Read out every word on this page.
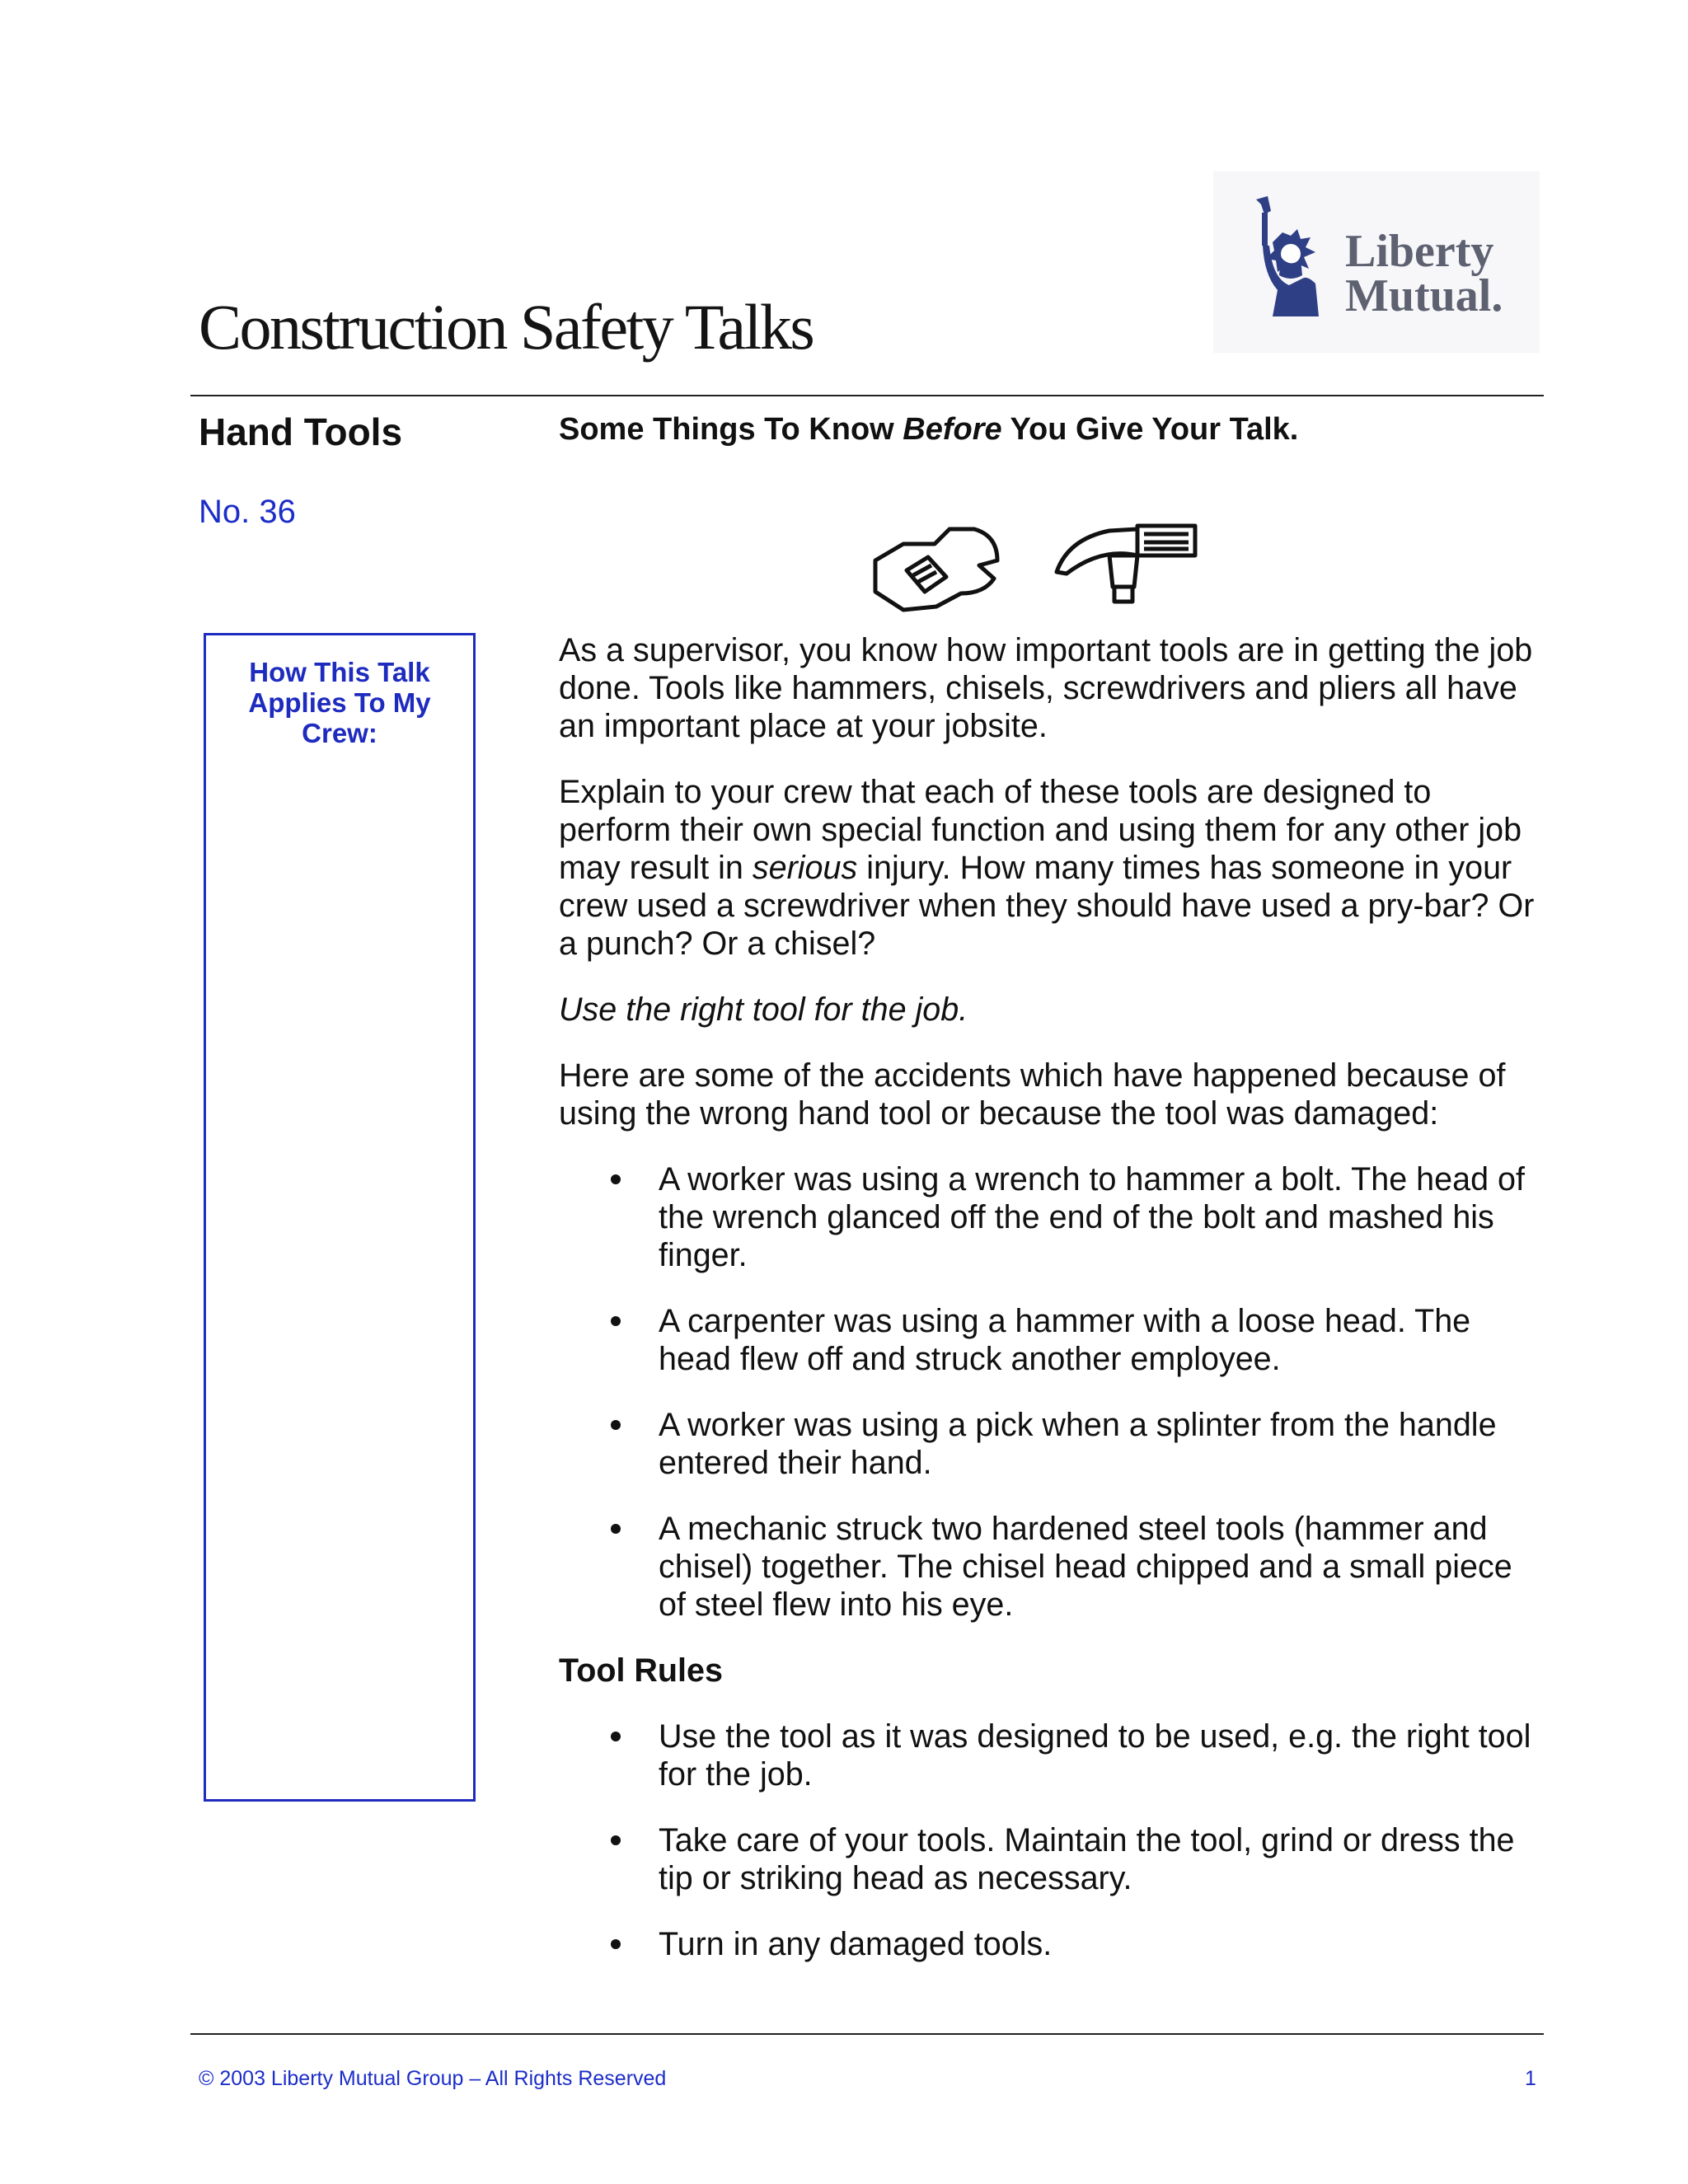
Construction Safety Talks
Liberty
Mutual.
Hand Tools
No. 36
How This Talk
Applies To My
Crew:

Some Things To Know Before You Give Your Talk.

As a supervisor, you know how important tools are in getting the job done. Tools like hammers, chisels, screwdrivers and pliers all have an important place at your jobsite.

Explain to your crew that each of these tools are designed to perform their own special function and using them for any other job may result in serious injury. How many times has someone in your crew used a screwdriver when they should have used a pry-bar? Or a punch? Or a chisel?

Use the right tool for the job.

Here are some of the accidents which have happened because of using the wrong hand tool or because the tool was damaged:

A worker was using a wrench to hammer a bolt. The head of the wrench glanced off the end of the bolt and mashed his finger.
A carpenter was using a hammer with a loose head. The head flew off and struck another employee.
A worker was using a pick when a splinter from the handle entered their hand.
A mechanic struck two hardened steel tools (hammer and chisel) together. The chisel head chipped and a small piece of steel flew into his eye.

Tool Rules

Use the tool as it was designed to be used, e.g. the right tool for the job.
Take care of your tools. Maintain the tool, grind or dress the tip or striking head as necessary.
Turn in any damaged tools.
© 2003 Liberty Mutual Group – All Rights Reserved	1
